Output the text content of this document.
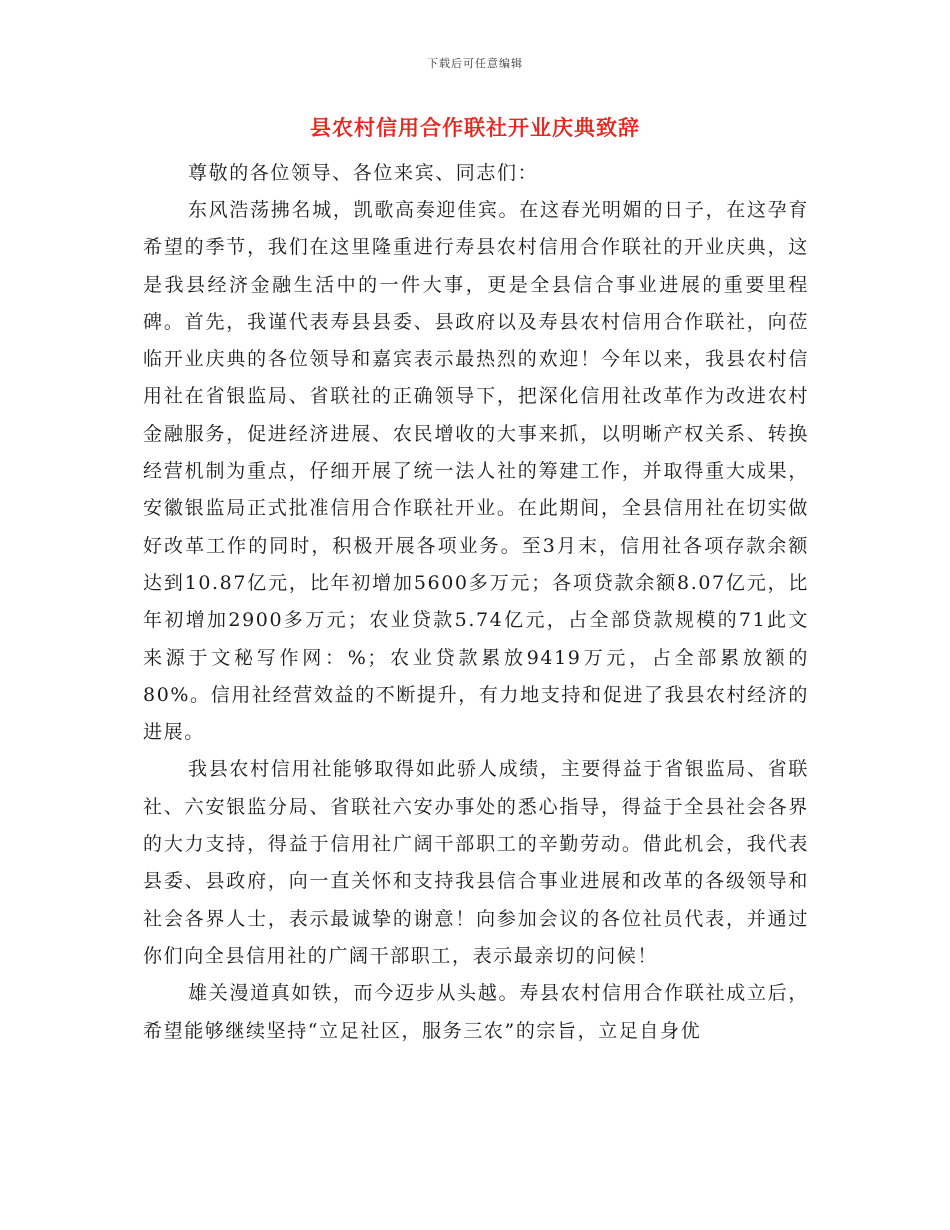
下载后可任意编辑
县农村信用合作联社开业庆典致辞

尊敬的各位领导、各位来宾、同志们：

东风浩荡拂名城，凯歌高奏迎佳宾。在这春光明媚的日子，在这孕育希望的季节，我们在这里隆重进行寿县农村信用合作联社的开业庆典，这是我县经济金融生活中的一件大事，更是全县信合事业进展的重要里程碑。首先，我谨代表寿县县委、县政府以及寿县农村信用合作联社，向莅临开业庆典的各位领导和嘉宾表示最热烈的欢迎！今年以来，我县农村信用社在省银监局、省联社的正确领导下，把深化信用社改革作为改进农村金融服务，促进经济进展、农民增收的大事来抓，以明晰产权关系、转换经营机制为重点，仔细开展了统一法人社的筹建工作，并取得重大成果，安徽银监局正式批准信用合作联社开业。在此期间，全县信用社在切实做好改革工作的同时，积极开展各项业务。至3月末，信用社各项存款余额达到10.87亿元，比年初增加5600多万元；各项贷款余额8.07亿元，比年初增加2900多万元；农业贷款5.74亿元，占全部贷款规模的71此文来源于文秘写作网：%；农业贷款累放9419万元，占全部累放额的80%。信用社经营效益的不断提升，有力地支持和促进了我县农村经济的进展。

我县农村信用社能够取得如此骄人成绩，主要得益于省银监局、省联社、六安银监分局、省联社六安办事处的悉心指导，得益于全县社会各界的大力支持，得益于信用社广阔干部职工的辛勤劳动。借此机会，我代表县委、县政府，向一直关怀和支持我县信合事业进展和改革的各级领导和社会各界人士，表示最诚挚的谢意！向参加会议的各位社员代表，并通过你们向全县信用社的广阔干部职工，表示最亲切的问候！

雄关漫道真如铁，而今迈步从头越。寿县农村信用合作联社成立后，希望能够继续坚持“立足社区，服务三农”的宗旨，立足自身优
